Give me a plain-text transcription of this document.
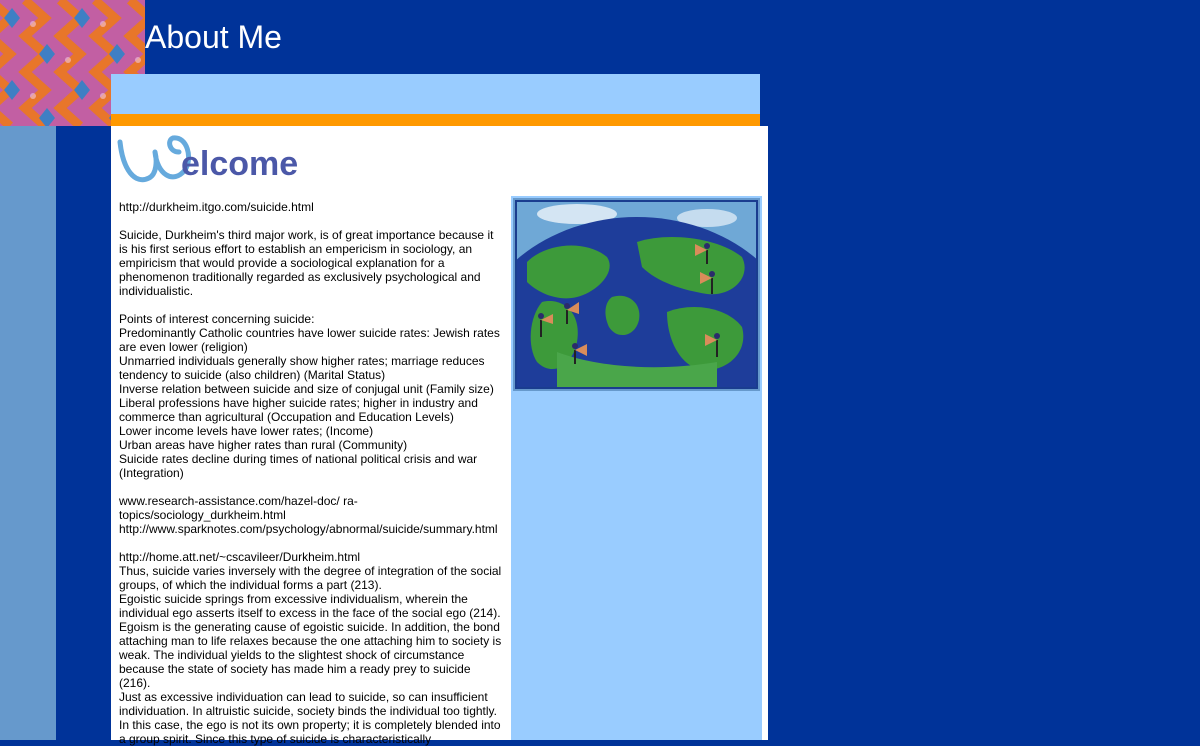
About Me
elcome

http://durkheim.itgo.com/suicide.html

Suicide, Durkheim's third major work, is of great importance because it is his first serious effort to establish an empericism in sociology, an empiricism that would provide a sociological explanation for a phenomenon traditionally regarded as exclusively psychological and individualistic.

Points of interest concerning suicide:

Predominantly Catholic countries have lower suicide rates: Jewish rates are even lower (religion)

Unmarried individuals generally show higher rates; marriage reduces tendency to suicide (also children) (Marital Status)

Inverse relation between suicide and size of conjugal unit (Family size)

Liberal professions have higher suicide rates; higher in industry and commerce than agricultural (Occupation and Education Levels)

Lower income levels have lower rates; (Income)

Urban areas have higher rates than rural (Community)

Suicide rates decline during times of national political crisis and war (Integration)

www.research-assistance.com/hazel-doc/ ra-topics/sociology_durkheim.html

http://www.sparknotes.com/psychology/abnormal/suicide/summary.html

http://home.att.net/~cscavileer/Durkheim.html

Thus, suicide varies inversely with the degree of integration of the social groups, of which the individual forms a part (213).

Egoistic suicide springs from excessive individualism, wherein the individual ego asserts itself to excess in the face of the social ego (214). Egoism is the generating cause of egoistic suicide. In addition, the bond attaching man to life relaxes because the one attaching him to society is weak. The individual yields to the slightest shock of circumstance because the state of society has made him a ready prey to suicide (216).

Just as excessive individuation can lead to suicide, so can insufficient individuation. In altruistic suicide, society binds the individual too tightly. In this case, the ego is not its own property; it is completely blended into a group spirit. Since this type of suicide is characteristically
